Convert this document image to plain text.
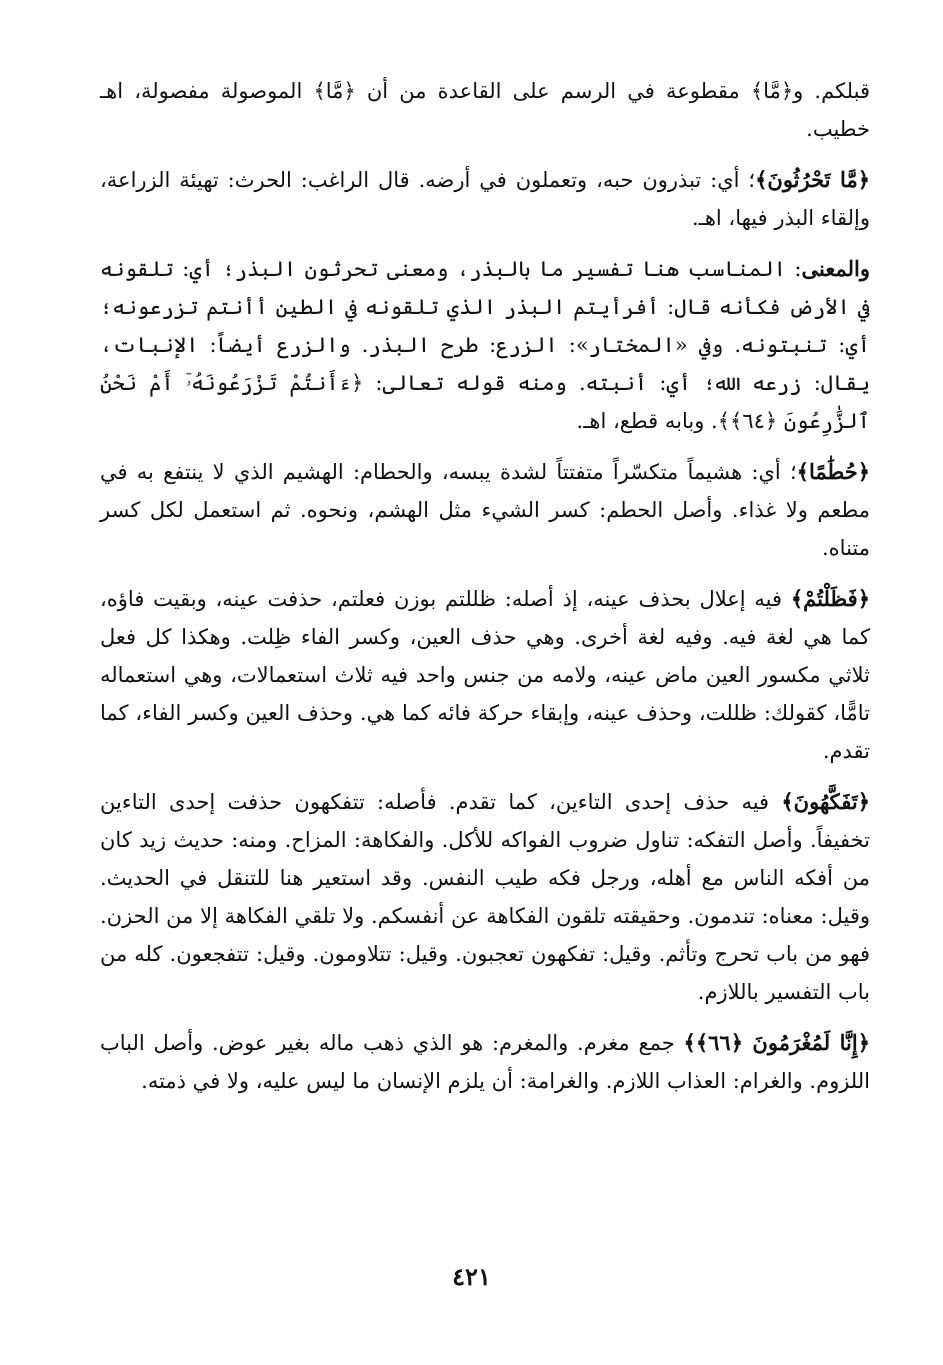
قبلكم. و﴿مَّا﴾ مقطوعة في الرسم على القاعدة من أن ﴿مَّا﴾ الموصولة مفصولة، اهـ خطيب.

﴿مَّا تَحْرُثُونَ﴾؛ أي: تبذرون حبه، وتعملون في أرضه. قال الراغب: الحرث: تهيئة الزراعة، وإلقاء البذر فيها، اهـ.

والمعنى: المناسب هنا تفسير ما بالبذر، ومعنى تحرثون البذر؛ أي: تلقونه في الأرض فكأنه قال: أفرأيتم البذر الذي تلقونه في الطين أأنتم تزرعونه؛ أي: تنبتونه. وفي «المختار»: الزرع: طرح البذر. والزرع أيضاً: الإنبات، يقال: زرعه الله؛ أي: أنبته. ومنه قوله تعالى: ﴿ءَأَنتُمْ تَزْرَعُونَهُۥٓ أَمْ نَحْنُ ٱلزَّٰرِعُونَ ﴿٦٤﴾﴾. وبابه قطع، اهـ.

﴿حُطَٰمًا﴾؛ أي: هشيماً متكسّراً متفتتاً لشدة يبسه، والحطام: الهشيم الذي لا ينتفع به في مطعم ولا غذاء. وأصل الحطم: كسر الشيء مثل الهشم، ونحوه. ثم استعمل لكل كسر متناه.

﴿فَظَلْتُمْ﴾ فيه إعلال بحذف عينه، إذ أصله: ظللتم بوزن فعلتم، حذفت عينه، وبقيت فاؤه، كما هي لغة فيه. وفيه لغة أخرى. وهي حذف العين، وكسر الفاء ظِلت. وهكذا كل فعل ثلاثي مكسور العين ماض عينه، ولامه من جنس واحد فيه ثلاث استعمالات، وهي استعماله تامًّا، كقولك: ظللت، وحذف عينه، وإبقاء حركة فائه كما هي. وحذف العين وكسر الفاء، كما تقدم.

﴿تَفَكَّهُونَ﴾ فيه حذف إحدى التاءين، كما تقدم. فأصله: تتفكهون حذفت إحدى التاءين تخفيفاً. وأصل التفكه: تناول ضروب الفواكه للأكل. والفكاهة: المزاح. ومنه: حديث زيد كان من أفكه الناس مع أهله، ورجل فكه طيب النفس. وقد استعير هنا للتنقل في الحديث. وقيل: معناه: تندمون. وحقيقته تلقون الفكاهة عن أنفسكم. ولا تلقي الفكاهة إلا من الحزن. فهو من باب تحرج وتأثم. وقيل: تفكهون تعجبون. وقيل: تتلاومون. وقيل: تتفجعون. كله من باب التفسير باللازم.

﴿إِنَّا لَمُغْرَمُونَ ﴿٦٦﴾﴾ جمع مغرم. والمغرم: هو الذي ذهب ماله بغير عوض. وأصل الباب اللزوم. والغرام: العذاب اللازم. والغرامة: أن يلزم الإنسان ما ليس عليه، ولا في ذمته.

٤٢١
